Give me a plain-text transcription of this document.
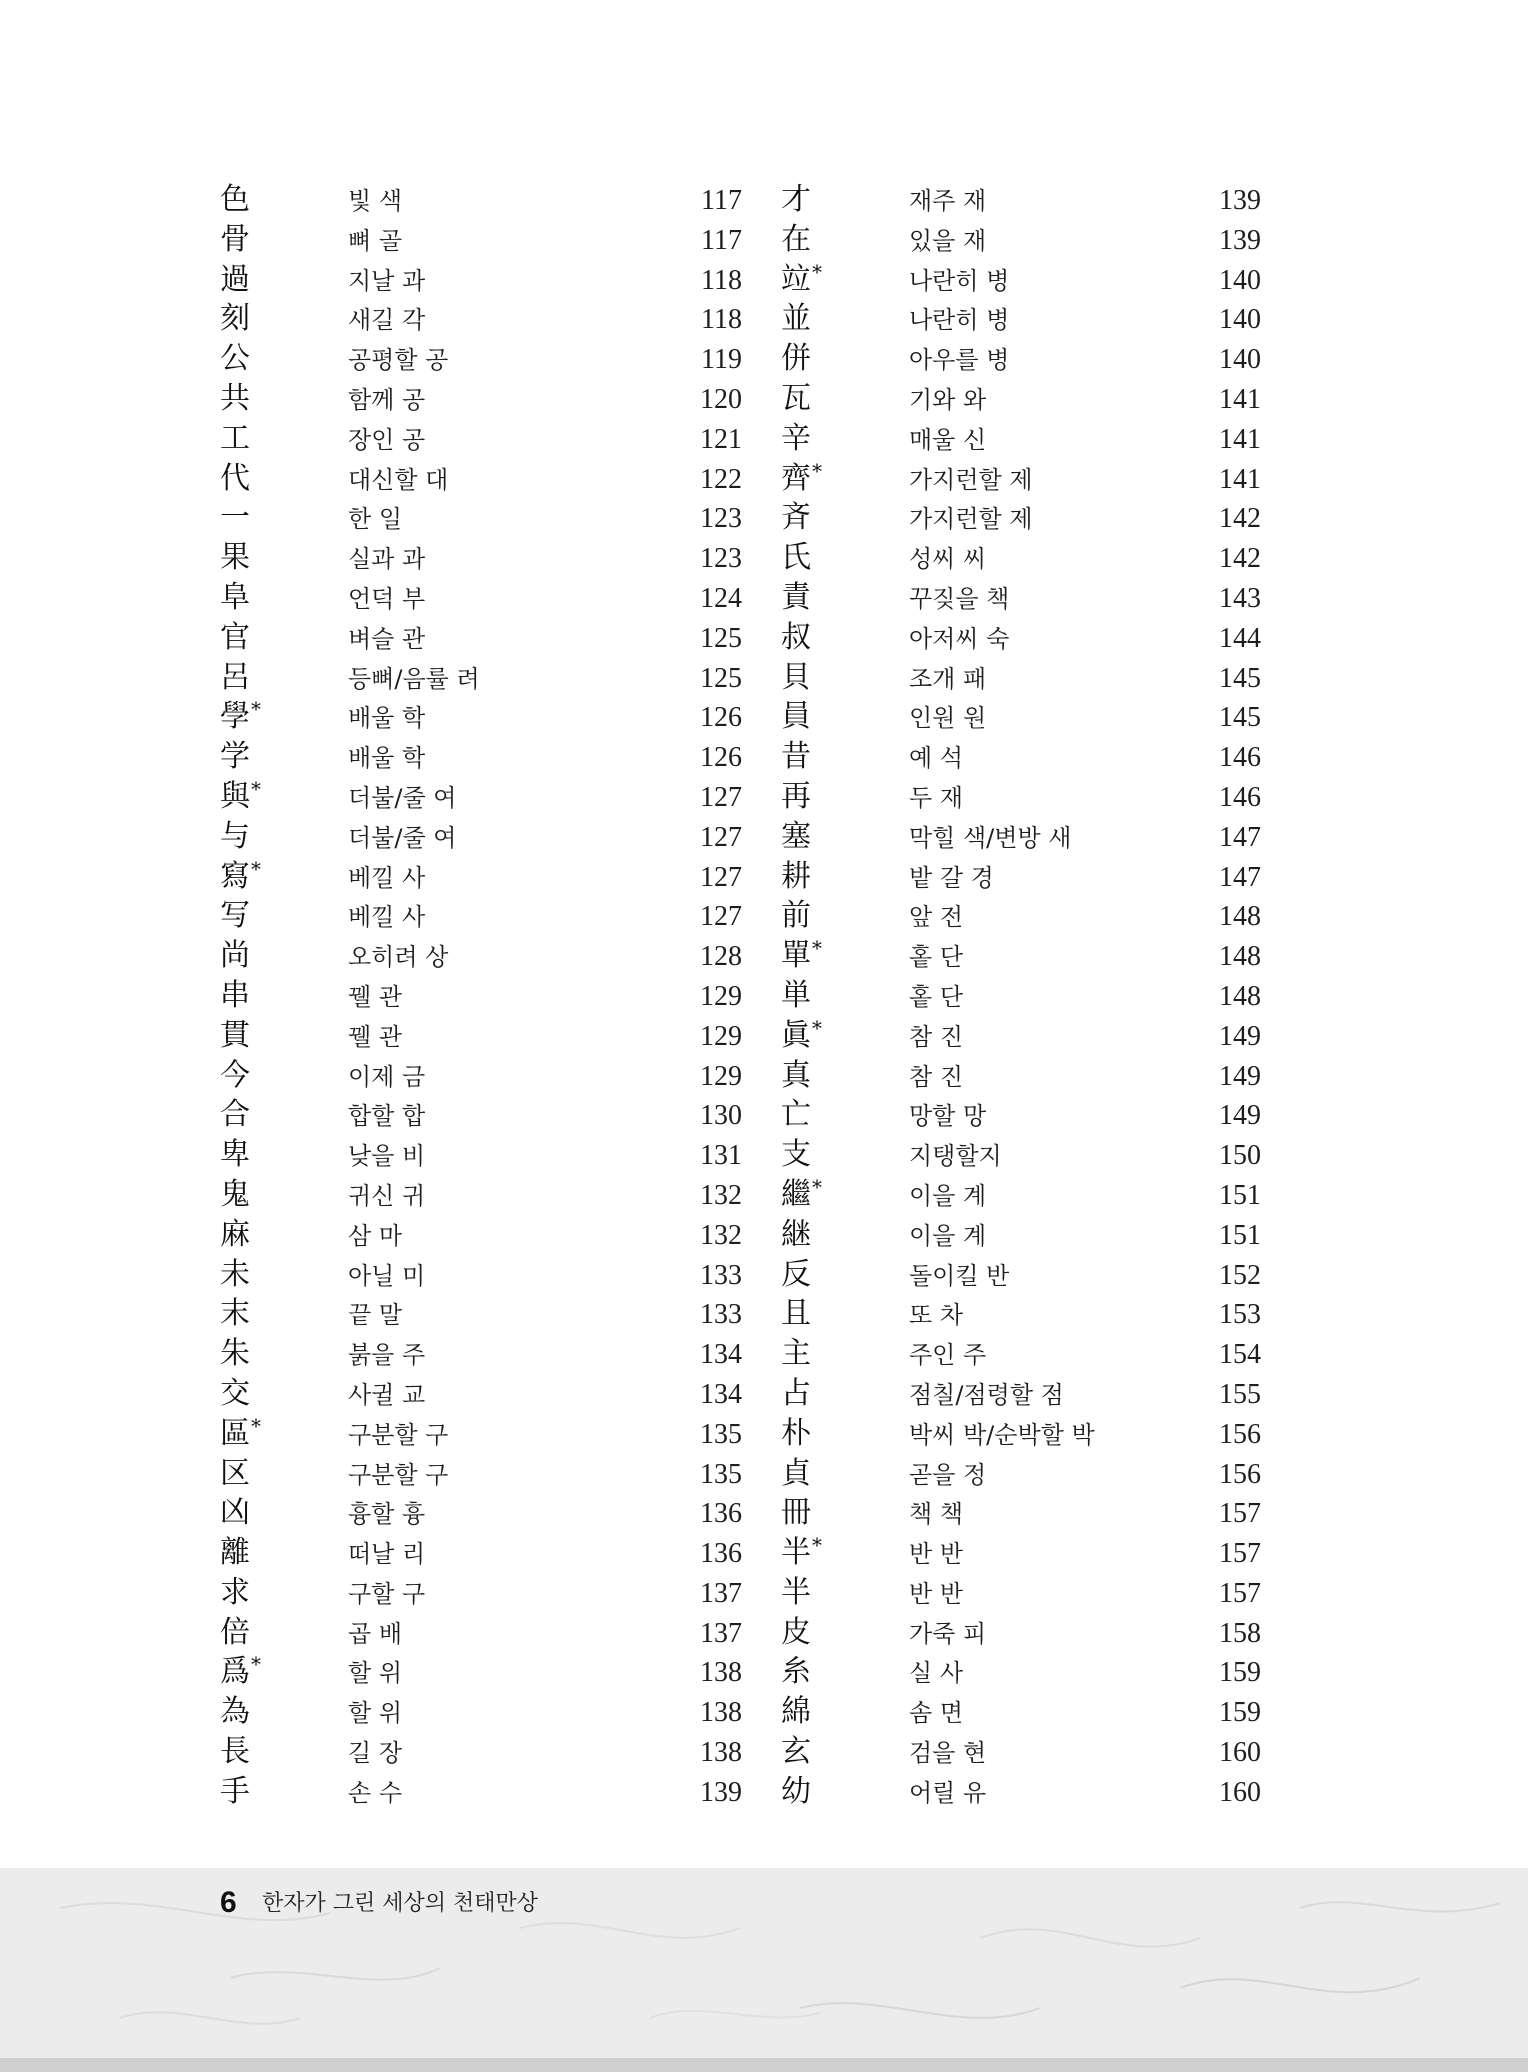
色	빛 색	117
骨	뼈 골	117
過	지날 과	118
刻	새길 각	118
公	공평할 공	119
共	함께 공	120
工	장인 공	121
代	대신할 대	122
一	한 일	123
果	실과 과	123
阜	언덕 부	124
官	벼슬 관	125
呂	등뼈/음률 려	125
學*	배울 학	126
学	배울 학	126
與*	더불/줄 여	127
与	더불/줄 여	127
寫*	베낄 사	127
写	베낄 사	127
尚	오히려 상	128
串	꿸 관	129
貫	꿸 관	129
今	이제 금	129
合	합할 합	130
卑	낮을 비	131
鬼	귀신 귀	132
麻	삼 마	132
未	아닐 미	133
末	끝 말	133
朱	붉을 주	134
交	사귈 교	134
區*	구분할 구	135
区	구분할 구	135
凶	흉할 흉	136
離	떠날 리	136
求	구할 구	137
倍	곱 배	137
爲*	할 위	138
為	할 위	138
長	길 장	138
手	손 수	139
才	재주 재	139
在	있을 재	139
竝*	나란히 병	140
並	나란히 병	140
併	아우를 병	140
瓦	기와 와	141
辛	매울 신	141
齊*	가지런할 제	141
斉	가지런할 제	142
氏	성씨 씨	142
責	꾸짖을 책	143
叔	아저씨 숙	144
貝	조개 패	145
員	인원 원	145
昔	예 석	146
再	두 재	146
塞	막힐 색/변방 새	147
耕	밭 갈 경	147
前	앞 전	148
單*	홑 단	148
単	홑 단	148
眞*	참 진	149
真	참 진	149
亡	망할 망	149
支	지탱할지	150
繼*	이을 계	151
継	이을 계	151
反	돌이킬 반	152
且	또 차	153
主	주인 주	154
占	점칠/점령할 점	155
朴	박씨 박/순박할 박	156
貞	곧을 정	156
冊	책 책	157
半*	반 반	157
半	반 반	157
皮	가죽 피	158
糸	실 사	159
綿	솜 면	159
玄	검을 현	160
幼	어릴 유	160
6 한자가 그린 세상의 천태만상
